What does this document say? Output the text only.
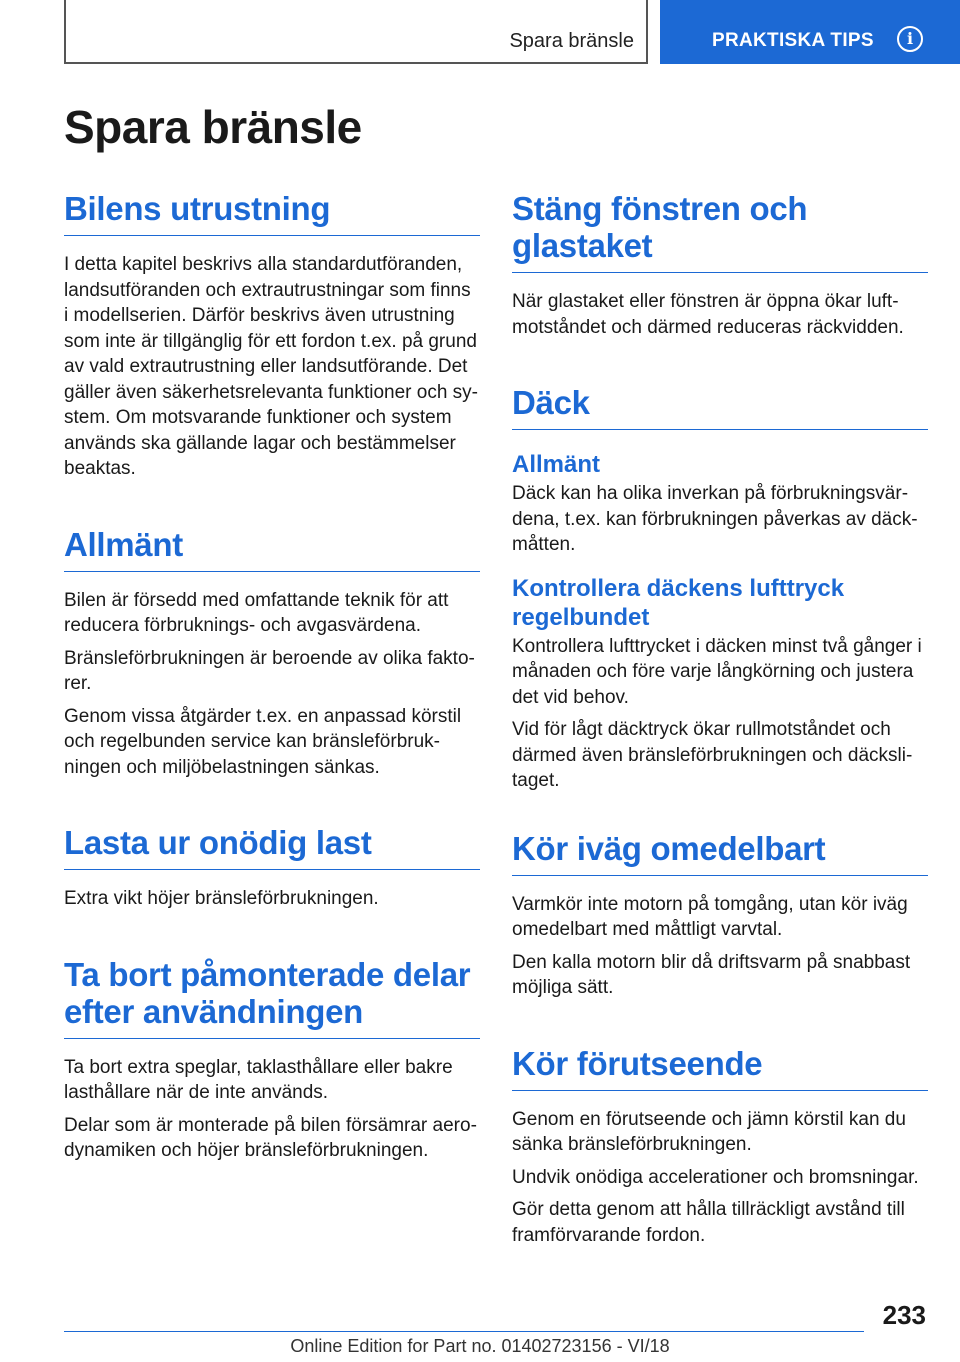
Spara bränsle	PRAKTISKA TIPS	i
Spara bränsle
Bilens utrustning

I detta kapitel beskrivs alla standardutföranden, landsutföranden och extrautrustningar som finns i modellserien. Därför beskrivs även utrustning som inte är tillgänglig för ett fordon t.ex. på grund av vald extrautrustning eller landsutförande. Det gäller även säkerhetsrelevanta funktioner och sy‐ stem. Om motsvarande funktioner och system används ska gällande lagar och bestämmelser beaktas.

Allmänt

Bilen är försedd med omfattande teknik för att reducera förbruknings- och avgasvärdena.

Bränsleförbrukningen är beroende av olika fakto‐ rer.

Genom vissa åtgärder t.ex. en anpassad körstil och regelbunden service kan bränsleförbruk‐ ningen och miljöbelastningen sänkas.

Lasta ur onödig last

Extra vikt höjer bränsleförbrukningen.

Ta bort påmonterade delar efter användningen

Ta bort extra speglar, taklasthållare eller bakre lasthållare när de inte används.

Delar som är monterade på bilen försämrar aero‐ dynamiken och höjer bränsleförbrukningen.

Stäng fönstren och glastaket

När glastaket eller fönstren är öppna ökar luft‐ motståndet och därmed reduceras räckvidden.

Däck
Allmänt

Däck kan ha olika inverkan på förbrukningsvär‐ dena, t.ex. kan förbrukningen påverkas av däck‐ måtten.

Kontrollera däckens lufttryck regelbundet

Kontrollera lufttrycket i däcken minst två gånger i månaden och före varje långkörning och justera det vid behov.

Vid för lågt däcktryck ökar rullmotståndet och därmed även bränsleförbrukningen och däcksli‐ taget.

Kör iväg omedelbart

Varmkör inte motorn på tomgång, utan kör iväg omedelbart med måttligt varvtal.

Den kalla motorn blir då driftsvarm på snabbast möjliga sätt.

Kör förutseende

Genom en förutseende och jämn körstil kan du sänka bränsleförbrukningen.

Undvik onödiga accelerationer och bromsningar.

Gör detta genom att hålla tillräckligt avstånd till framförvarande fordon.

233
Online Edition for Part no. 01402723156 - VI/18
